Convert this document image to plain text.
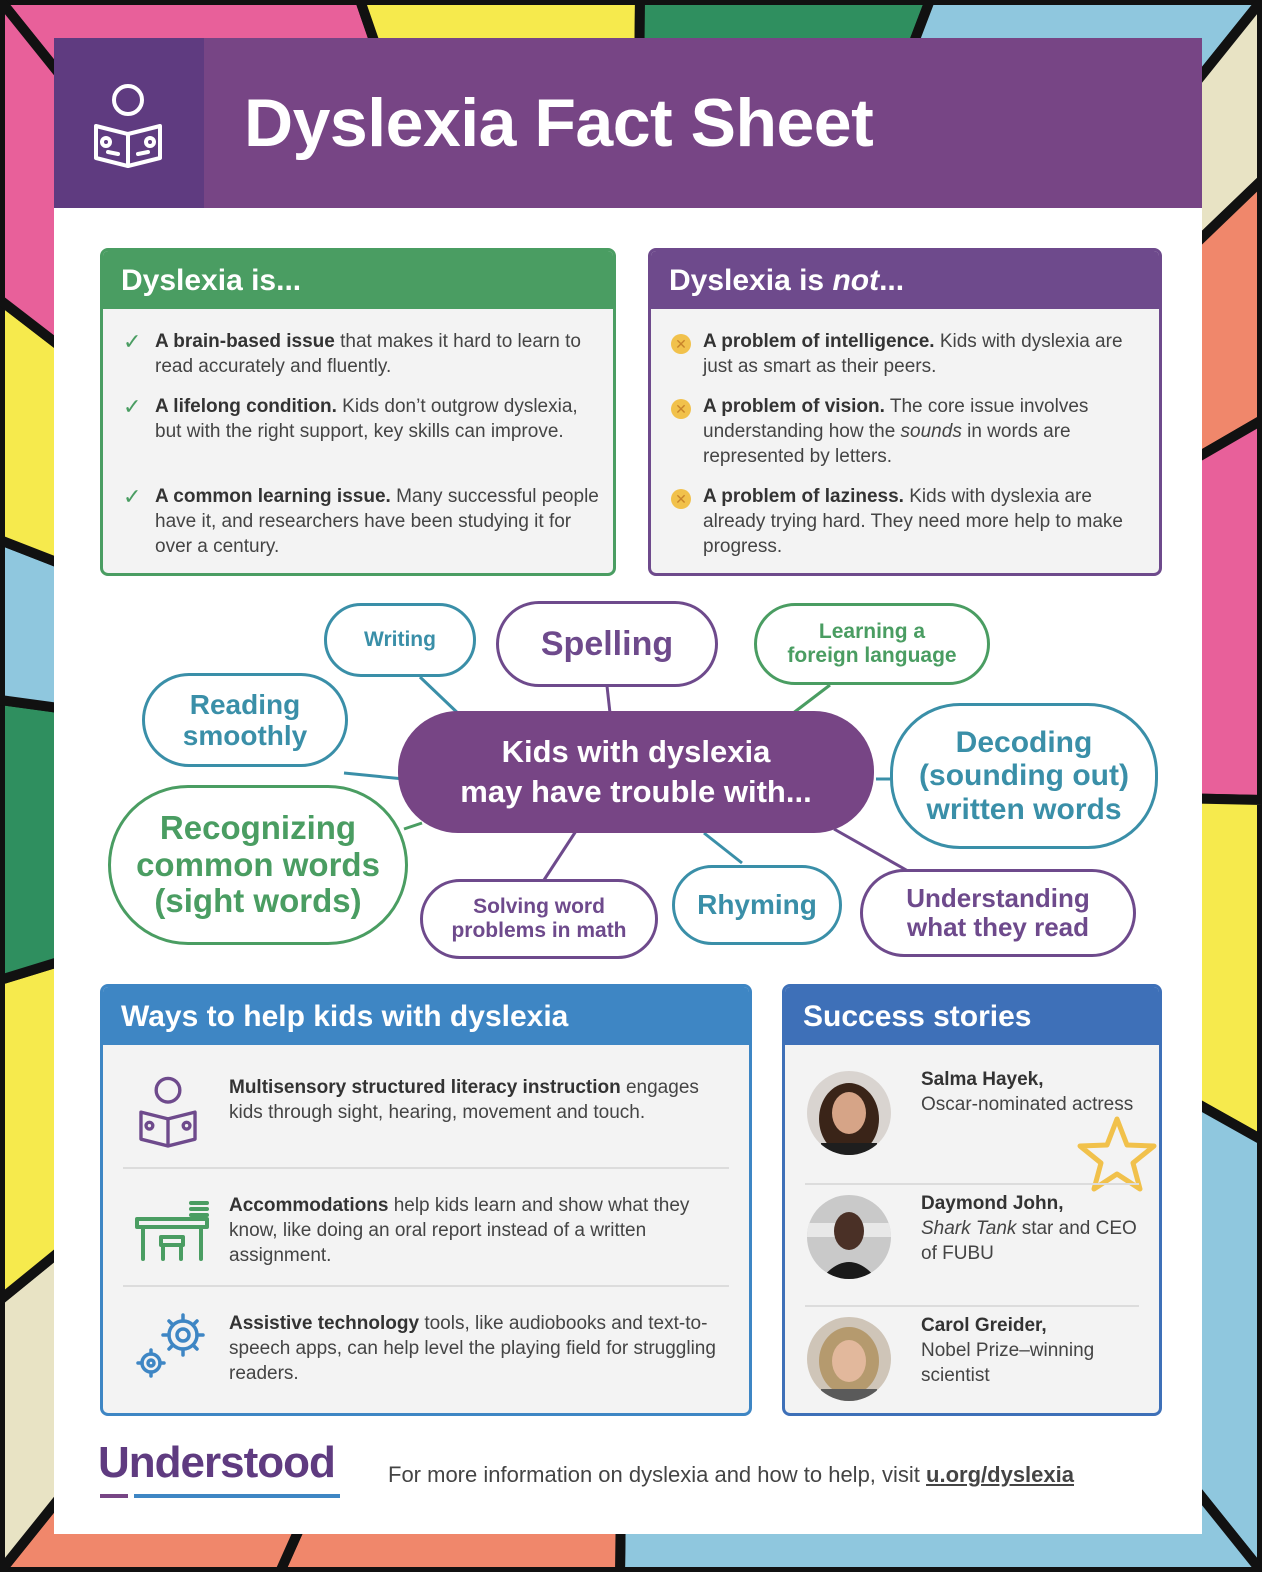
Dyslexia Fact Sheet
Dyslexia is...
✓ A brain-based issue that makes it hard to learn to read accurately and fluently.
✓ A lifelong condition. Kids don’t outgrow dyslexia, but with the right support, key skills can improve.
✓ A common learning issue. Many successful people have it, and researchers have been studying it for over a century.
Dyslexia is not...
✕ A problem of intelligence. Kids with dyslexia are just as smart as their peers.
✕ A problem of vision. The core issue involves understanding how the sounds in words are represented by letters.
✕ A problem of laziness. Kids with dyslexia are already trying hard. They need more help to make progress.
Writing	Spelling	Learning a
foreign language
Reading
smoothly	Kids with dyslexia
may have trouble with...
Decoding
(sounding out)
written words
Recognizing
common words
(sight words)	Solving word
problems in math
Rhyming	Understanding
what they read
Ways to help kids with dyslexia
Multisensory structured literacy instruction engages kids through sight, hearing, movement and touch.
Accommodations help kids learn and show what they know, like doing an oral report instead of a written assignment.
Assistive technology tools, like audiobooks and text-to-speech apps, can help level the playing field for struggling readers.
Success stories
Salma Hayek,
Oscar-nominated actress
Daymond John,
Shark Tank star and CEO of FUBU
Carol Greider,
Nobel Prize–winning scientist
Understood For more information on dyslexia and how to help, visit u.org/dyslexia
